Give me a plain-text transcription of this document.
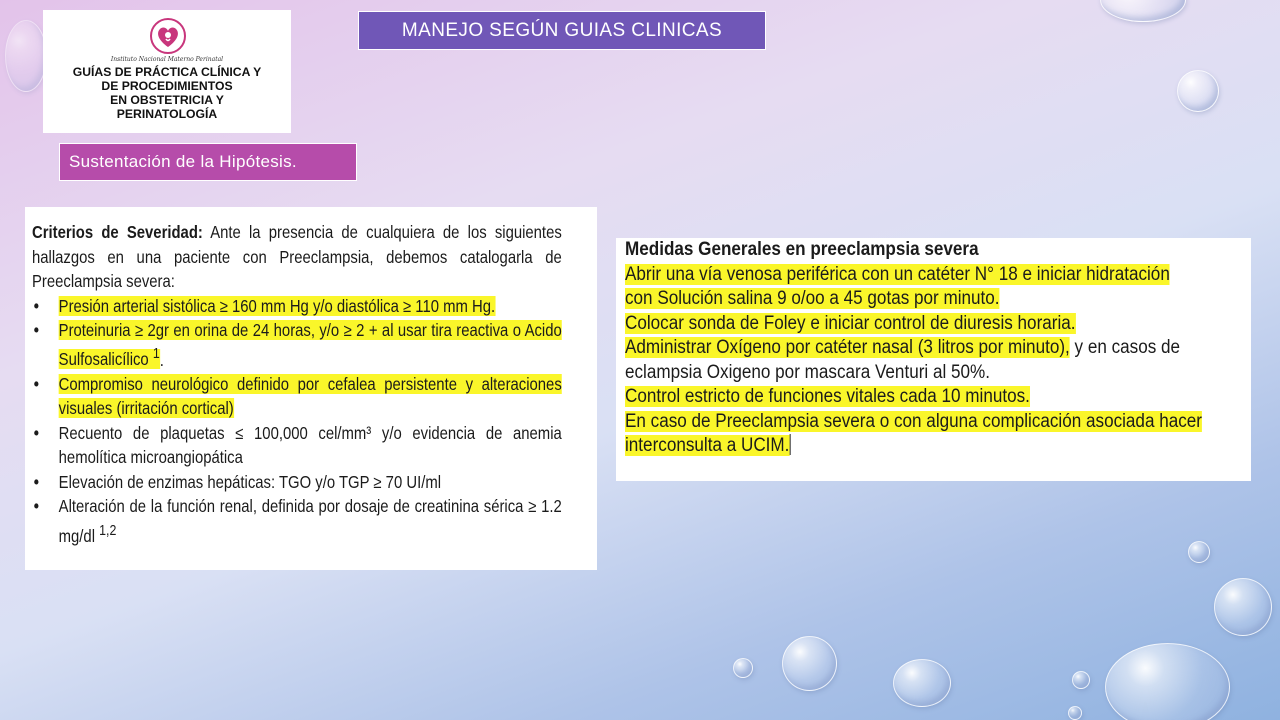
Instituto Nacional Materno Perinatal
GUÍAS DE PRÁCTICA CLÍNICA Y
DE PROCEDIMIENTOS
EN OBSTETRICIA Y
PERINATOLOGÍA
MANEJO SEGÚN GUIAS CLINICAS
Sustentación de la Hipótesis.
Criterios de Severidad: Ante la presencia de cualquiera de los siguientes hallazgos en una paciente con Preeclampsia, debemos catalogarla de Preeclampsia severa:
• Presión arterial sistólica ≥ 160 mm Hg y/o diastólica ≥ 110 mm Hg.
• Proteinuria ≥ 2gr en orina de 24 horas, y/o ≥ 2 + al usar tira reactiva o Acido Sulfosalicílico $^1$.
• Compromiso neurológico definido por cefalea persistente y alteraciones visuales (irritación cortical)
• Recuento de plaquetas ≤ 100,000 cel/mm³ y/o evidencia de anemia hemolítica microangiopática
• Elevación de enzimas hepáticas: TGO y/o TGP ≥ 70 UI/ml
• Alteración de la función renal, definida por dosaje de creatinina sérica ≥ 1.2 mg/dl $^{1,2}$
Medidas Generales en preeclampsia severa
Abrir una vía venosa periférica con un catéter N° 18 e iniciar hidratación
con Solución salina 9 o/oo a 45 gotas por minuto.
Colocar sonda de Foley e iniciar control de diuresis horaria.
Administrar Oxígeno por catéter nasal (3 litros por minuto), y en casos de
eclampsia Oxigeno por mascara Venturi al 50%.
Control estricto de funciones vitales cada 10 minutos.
En caso de Preeclampsia severa o con alguna complicación asociada hacer
interconsulta a UCIM.
